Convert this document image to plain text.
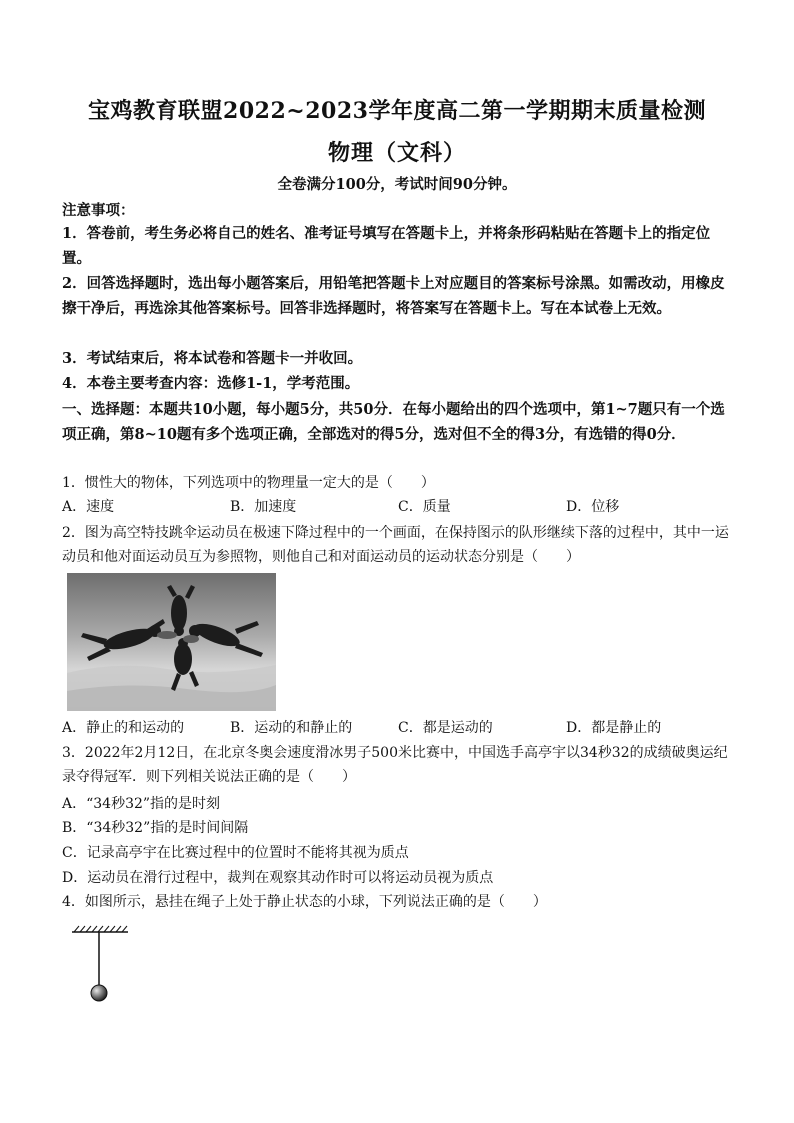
宝鸡教育联盟2022~2023学年度高二第一学期期末质量检测
物理（文科）
全卷满分100分，考试时间90分钟。
注意事项：
1．答卷前，考生务必将自己的姓名、准考证号填写在答题卡上，并将条形码粘贴在答题卡上的指定位置。
2．回答选择题时，选出每小题答案后，用铅笔把答题卡上对应题目的答案标号涂黑。如需改动，用橡皮擦干净后，再选涂其他答案标号。回答非选择题时，将答案写在答题卡上。写在本试卷上无效。
3．考试结束后，将本试卷和答题卡一并收回。
4．本卷主要考查内容：选修1-1，学考范围。
一、选择题：本题共10小题，每小题5分，共50分．在每小题给出的四个选项中，第1~7题只有一个选项正确，第8~10题有多个选项正确，全部选对的得5分，选对但不全的得3分，有选错的得0分．
1．惯性大的物体，下列选项中的物理量一定大的是（　　）
A．速度	B．加速度	C．质量	D．位移
2．图为高空特技跳伞运动员在极速下降过程中的一个画面，在保持图示的队形继续下落的过程中，其中一运动员和他对面运动员互为参照物，则他自己和对面运动员的运动状态分别是（　　）
A．静止的和运动的	B．运动的和静止的	C．都是运动的	D．都是静止的
3．2022年2月12日，在北京冬奥会速度滑冰男子500米比赛中，中国选手高亭宇以34秒32的成绩破奥运纪录夺得冠军．则下列相关说法正确的是（　　）
A．“34秒32”指的是时刻
B．“34秒32”指的是时间间隔
C．记录高亭宇在比赛过程中的位置时不能将其视为质点
D．运动员在滑行过程中，裁判在观察其动作时可以将运动员视为质点
4．如图所示，悬挂在绳子上处于静止状态的小球，下列说法正确的是（　　）
